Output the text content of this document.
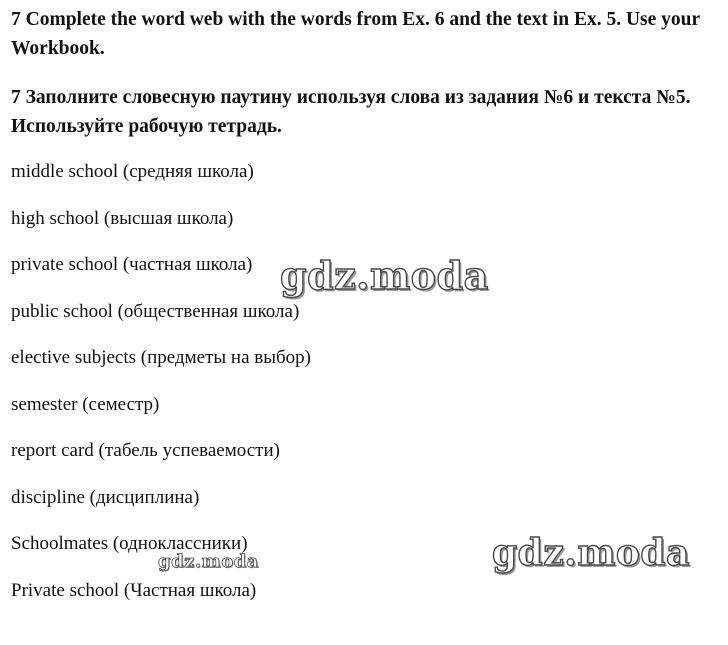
7 Complete the word web with the words from Ex. 6 and the text in Ex. 5. Use your Workbook.

7 Заполните словесную паутину используя слова из задания №6 и текста №5. Используйте рабочую тетрадь.

middle school (средняя школа)
high school (высшая школа)
private school (частная школа)
public school (общественная школа)
elective subjects (предметы на выбор)
semester (семестр)
report card (табель успеваемости)
discipline (дисциплина)
Schoolmates (одноклассники)
Private school (Частная школа)
gdz.moda
gdz.moda
gdz.moda
